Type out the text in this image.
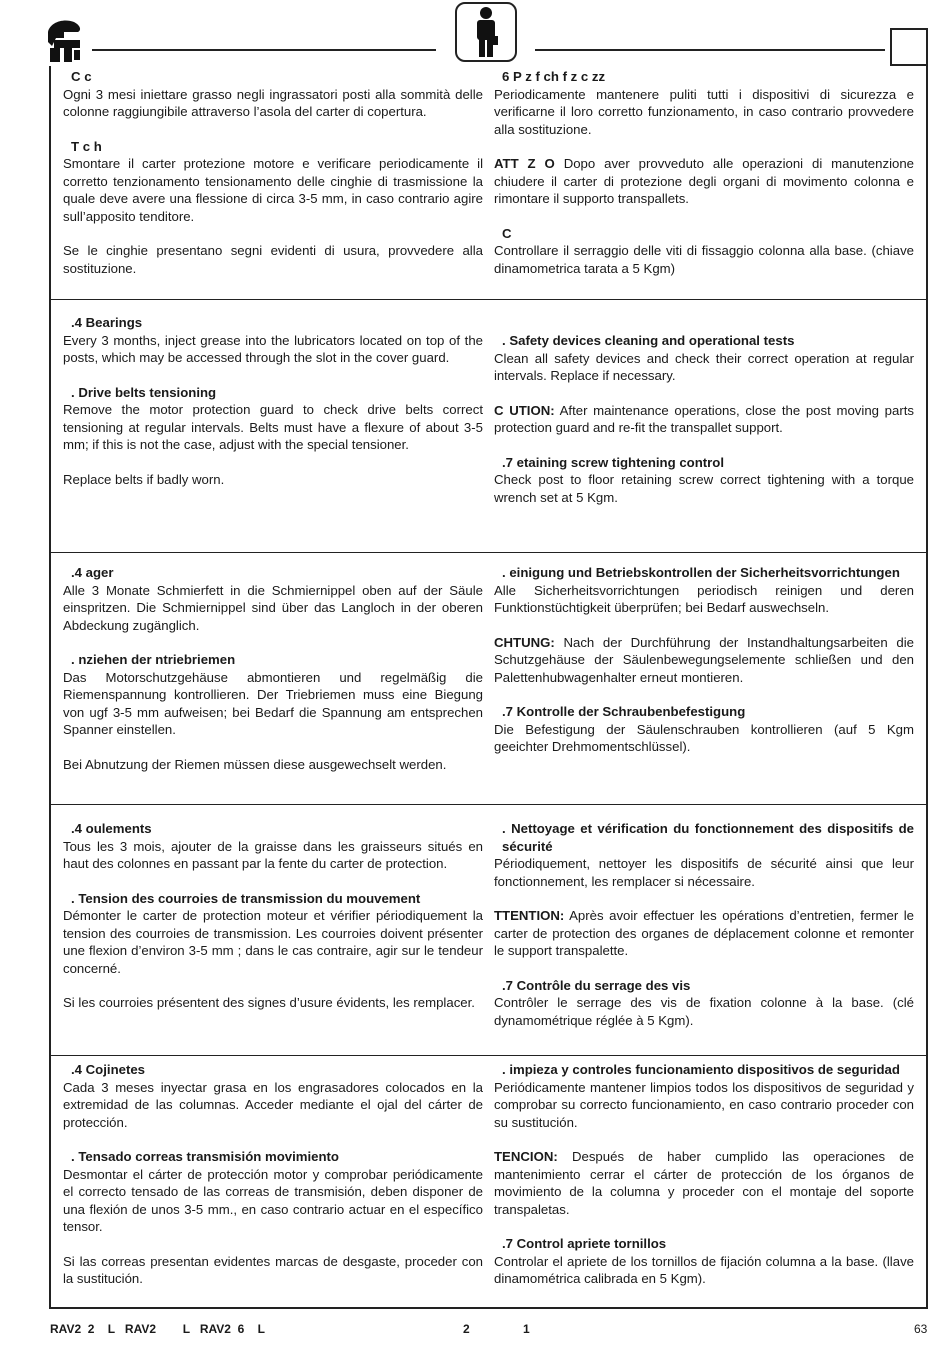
C c

Ogni 3 mesi iniettare grasso negli ingrassatori posti alla sommità delle colonne raggiungibile attraverso l’asola del carter di copertura.

T c h

Smontare il carter protezione motore e verificare periodicamente il corretto tenzionamento tensionamento delle cinghie di trasmissione la quale deve avere una flessione di circa 3-5 mm, in caso contrario agire sull’apposito tenditore.

Se le cinghie presentano segni evidenti di usura, provvedere alla sostituzione.

6 P z f ch f z c zz

Periodicamente mantenere puliti tutti i dispositivi di sicurezza e verificarne il loro corretto funzionamento, in caso contrario provvedere alla sostituzione.

ATT Z O Dopo aver provveduto alle operazioni di manutenzione chiudere il carter di protezione degli organi di movimento colonna e rimontare il supporto transpallets.

C

Controllare il serraggio delle viti di fissaggio colonna alla base. (chiave dinamometrica tarata a 5 Kgm)

.4 Bearings

Every 3 months, inject grease into the lubricators located on top of the posts, which may be accessed through the slot in the cover guard.

. Drive belts tensioning

Remove the motor protection guard to check drive belts correct tensioning at regular intervals. Belts must have a flexure of about 3-5 mm; if this is not the case, adjust with the special tensioner.

Replace belts if badly worn.

. Safety devices cleaning and operational tests

Clean all safety devices and check their correct operation at regular intervals. Replace if necessary.

C UTION: After maintenance operations, close the post moving parts protection guard and re-fit the transpallet support.

.7 etaining screw tightening control

Check post to floor retaining screw correct tightening with a torque wrench set at 5 Kgm.

.4 ager

Alle 3 Monate Schmierfett in die Schmiernippel oben auf der Säule einspritzen. Die Schmiernippel sind über das Langloch in der oberen Abdeckung zugänglich.

. nziehen der ntriebriemen

Das Motorschutzgehäuse abmontieren und regelmäßig die Riemenspannung kontrollieren. Der Triebriemen muss eine Biegung von ugf 3-5 mm aufweisen; bei Bedarf die Spannung am entsprechen Spanner einstellen.

Bei Abnutzung der Riemen müssen diese ausgewechselt werden.

. einigung und Betriebskontrollen der Sicherheitsvorrichtungen

Alle Sicherheitsvorrichtungen periodisch reinigen und deren Funktionstüchtigkeit überprüfen; bei Bedarf auswechseln.

CHTUNG: Nach der Durchführung der Instandhaltungsarbeiten die Schutzgehäuse der Säulenbewegungselemente schließen und den Palettenhubwagenhalter erneut montieren.

.7 Kontrolle der Schraubenbefestigung

Die Befestigung der Säulenschrauben kontrollieren (auf 5 Kgm geeichter Drehmomentschlüssel).

.4 oulements

Tous les 3 mois, ajouter de la graisse dans les graisseurs situés en haut des colonnes en passant par la fente du carter de protection.

. Tension des courroies de transmission du mouvement

Démonter le carter de protection moteur et vérifier périodiquement la tension des courroies de transmission. Les courroies doivent présenter une flexion d’environ 3-5 mm ; dans le cas contraire, agir sur le tendeur concerné.

Si les courroies présentent des signes d’usure évidents, les remplacer.

. Nettoyage et vérification du fonctionnement des dispositifs de sécurité

Périodiquement, nettoyer les dispositifs de sécurité ainsi que leur fonctionnement, les remplacer si nécessaire.

TTENTION: Après avoir effectuer les opérations d’entretien, fermer le carter de protection des organes de déplacement colonne et remonter le support transpalette.

.7 Contrôle du serrage des vis

Contrôler le serrage des vis de fixation colonne à la base. (clé dynamométrique réglée à 5 Kgm).

.4 Cojinetes

Cada 3 meses inyectar grasa en los engrasadores colocados en la extremidad de las columnas. Acceder mediante el ojal del cárter de protección.

. Tensado correas transmisión movimiento

Desmontar el cárter de protección motor y comprobar periódicamente el correcto tensado de las correas de transmisión, deben disponer de una flexión de unos 3-5 mm., en caso contrario actuar en el específico tensor.

Si las correas presentan evidentes marcas de desgaste, proceder con la sustitución.

. impieza y controles funcionamiento dispositivos de seguridad

Periódicamente mantener limpios todos los dispositivos de seguridad y comprobar su correcto funcionamiento, en caso contrario proceder con su sustitución.

TENCION: Después de haber cumplido las operaciones de mantenimiento cerrar el cárter de protección de los órganos de movimiento de la columna y proceder con el montaje del soporte transpaletas.

.7 Control apriete tornillos

Controlar el apriete de los tornillos de fijación columna a la base. (llave dinamométrica calibrada en 5 Kgm).

RAV2  2    L   RAV2        L   RAV2  6    L	2	1	63
